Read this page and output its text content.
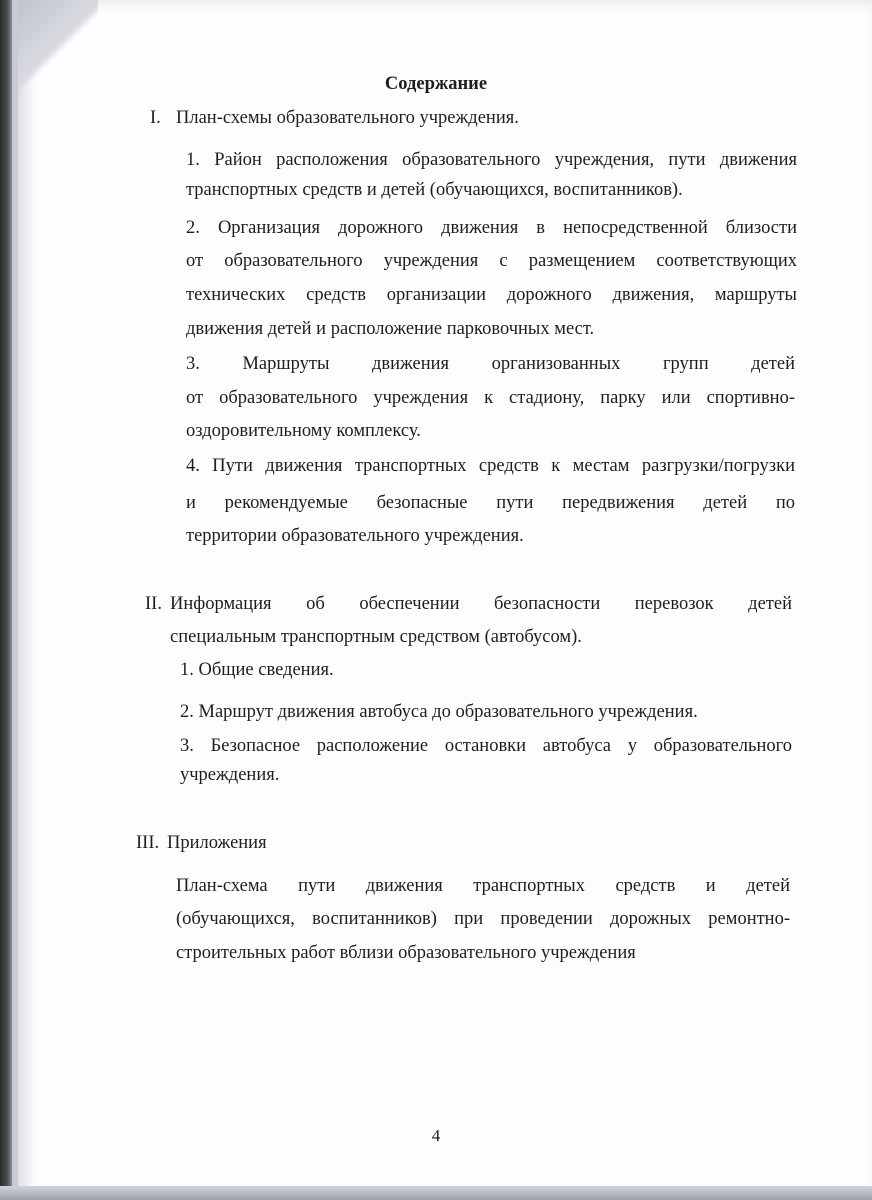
Содержание
I. План-схемы образовательного учреждения.
1. Район расположения образовательного учреждения, пути движения
транспортных средств и детей (обучающихся, воспитанников).
2. Организация дорожного движения в непосредственной близости
от образовательного учреждения с размещением соответствующих
технических средств организации дорожного движения, маршруты
движения детей и расположение парковочных мест.
3. Маршруты движения организованных групп детей
от образовательного учреждения к стадиону, парку или спортивно-
оздоровительному комплексу.
4. Пути движения транспортных средств к местам разгрузки/погрузки
и рекомендуемые безопасные пути передвижения детей по
территории образовательного учреждения.
II. Информация об обеспечении безопасности перевозок детей
специальным транспортным средством (автобусом).
1. Общие сведения.
2. Маршрут движения автобуса до образовательного учреждения.
3. Безопасное расположение остановки автобуса у образовательного
учреждения.
III. Приложения
План-схема пути движения транспортных средств и детей
(обучающихся, воспитанников) при проведении дорожных ремонтно-
строительных работ вблизи образовательного учреждения
4
